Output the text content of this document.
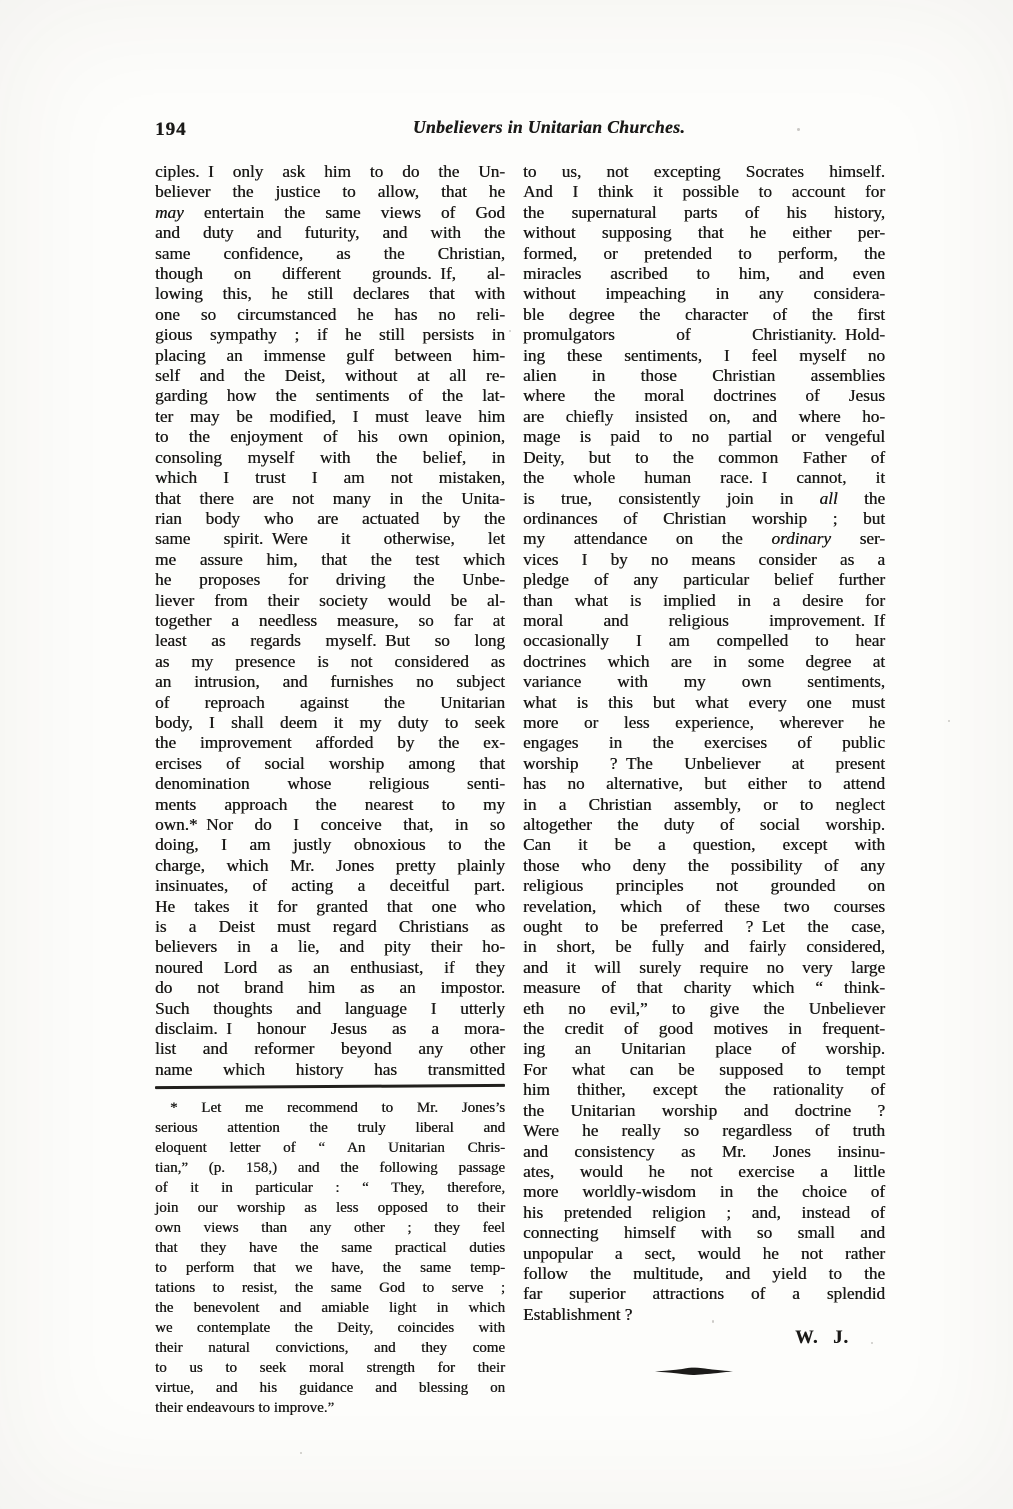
194	Unbelievers in Unitarian Churches.
ciples. I only ask him to do the Un-
believer the justice to allow, that he
may entertain the same views of God
and duty and futurity, and with the
same confidence, as the Christian,
though on different grounds. If, al-
lowing this, he still declares that with
one so circumstanced he has no reli-
gious sympathy ; if he still persists in
placing an immense gulf between him-
self and the Deist, without at all re-
garding how the sentiments of the lat-
ter may be modified, I must leave him
to the enjoyment of his own opinion,
consoling myself with the belief, in
which I trust I am not mistaken,
that there are not many in the Unita-
rian body who are actuated by the
same spirit. Were it otherwise, let
me assure him, that the test which
he proposes for driving the Unbe-
liever from their society would be al-
together a needless measure, so far at
least as regards myself. But so long
as my presence is not considered as
an intrusion, and furnishes no subject
of reproach against the Unitarian
body, I shall deem it my duty to seek
the improvement afforded by the ex-
ercises of social worship among that
denomination whose religious senti-
ments approach the nearest to my
own.* Nor do I conceive that, in so
doing, I am justly obnoxious to the
charge, which Mr. Jones pretty plainly
insinuates, of acting a deceitful part.
He takes it for granted that one who
is a Deist must regard Christians as
believers in a lie, and pity their ho-
noured Lord as an enthusiast, if they
do not brand him as an impostor.
Such thoughts and language I utterly
disclaim. I honour Jesus as a mora-
list and reformer beyond any other
name which history has transmitted
 * Let me recommend to Mr. Jones’s
serious attention the truly liberal and
eloquent letter of “ An Unitarian Chris-
tian,” (p. 158,) and the following passage
of it in particular : “ They, therefore,
join our worship as less opposed to their
own views than any other ; they feel
that they have the same practical duties
to perform that we have, the same temp-
tations to resist, the same God to serve ;
the benevolent and amiable light in which
we contemplate the Deity, coincides with
their natural convictions, and they come
to us to seek moral strength for their
virtue, and his guidance and blessing on
their endeavours to improve.”
to us, not excepting Socrates himself.
And I think it possible to account for
the supernatural parts of his history,
without supposing that he either per-
formed, or pretended to perform, the
miracles ascribed to him, and even
without impeaching in any considera-
ble degree the character of the first
promulgators of Christianity. Hold-
ing these sentiments, I feel myself no
alien in those Christian assemblies
where the moral doctrines of Jesus
are chiefly insisted on, and where ho-
mage is paid to no partial or vengeful
Deity, but to the common Father of
the whole human race. I cannot, it
is true, consistently join in all the
ordinances of Christian worship ; but
my attendance on the ordinary ser-
vices I by no means consider as a
pledge of any particular belief further
than what is implied in a desire for
moral and religious improvement. If
occasionally I am compelled to hear
doctrines which are in some degree at
variance with my own sentiments,
what is this but what every one must
more or less experience, wherever he
engages in the exercises of public
worship ? The Unbeliever at present
has no alternative, but either to attend
in a Christian assembly, or to neglect
altogether the duty of social worship.
Can it be a question, except with
those who deny the possibility of any
religious principles not grounded on
revelation, which of these two courses
ought to be preferred ? Let the case,
in short, be fully and fairly considered,
and it will surely require no very large
measure of that charity which “ think-
eth no evil,” to give the Unbeliever
the credit of good motives in frequent-
ing an Unitarian place of worship.
For what can be supposed to tempt
him thither, except the rationality of
the Unitarian worship and doctrine ?
Were he really so regardless of truth
and consistency as Mr. Jones insinu-
ates, would he not exercise a little
more worldly-wisdom in the choice of
his pretended religion ; and, instead of
connecting himself with so small and
unpopular a sect, would he not rather
follow the multitude, and yield to the
far superior attractions of a splendid
Establishment ?
W. J.
